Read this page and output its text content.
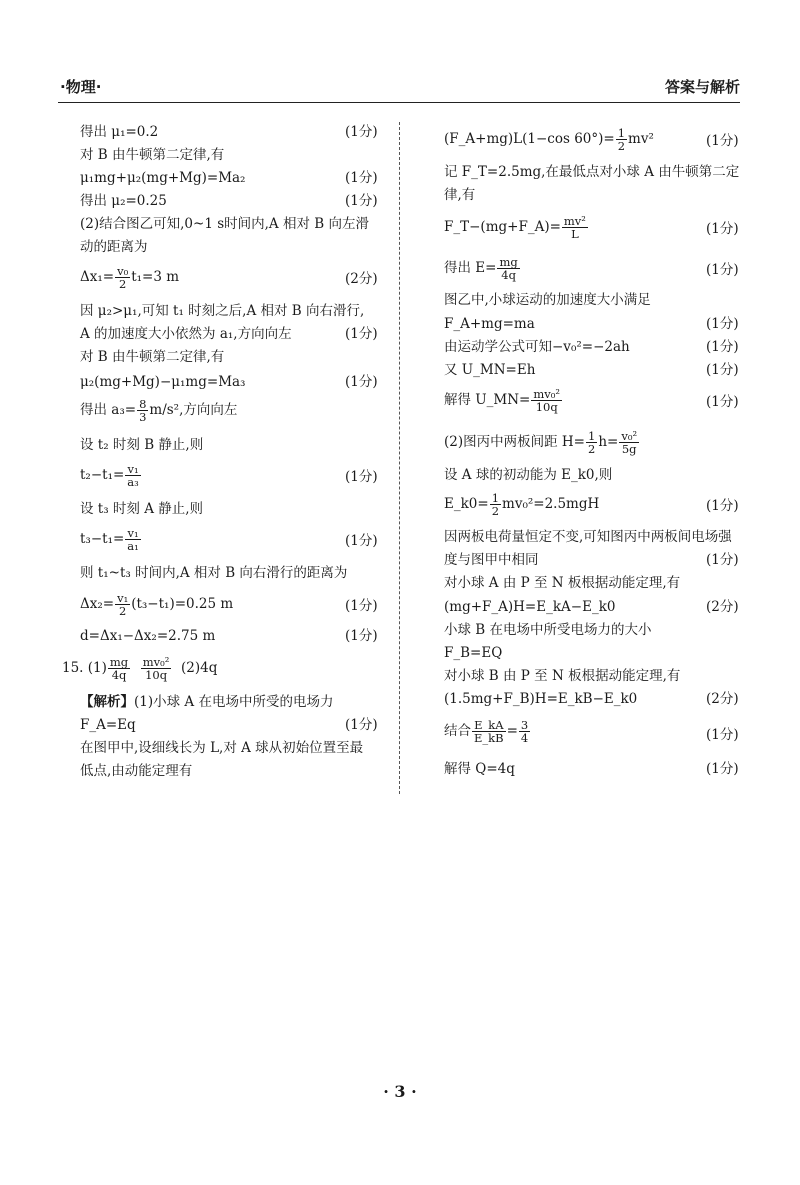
·物理·	答案与解析
得出 μ₁=0.2	(1分)
对 B 由牛顿第二定律,有
μ₁mg+μ₂(mg+Mg)=Ma₂	(1分)
得出 μ₂=0.25	(1分)
(2)结合图乙可知,0~1 s时间内,A 相对 B 向左滑
动的距离为
$\Delta x_1= \frac{\text{v₀}}{2} t_1=3$ m	(2分)
因 μ₂>μ₁,可知 t₁ 时刻之后,A 相对 B 向右滑行,
A 的加速度大小依然为 a₁,方向向左	(1分)
对 B 由牛顿第二定律,有
μ₂(mg+Mg)−μ₁mg=Ma₃	(1分)
得出 $a_3= \frac{8}{3} m/s^2$,方向向左
设 t₂ 时刻 B 静止,则
$t_2-t_1= \frac{\text{v₁}}{\text{a₃}}$	(1分)
设 t₃ 时刻 A 静止,则
$t_3-t_1= \frac{\text{v₁}}{\text{a₁}}$	(1分)
则 t₁~t₃ 时间内,A 相对 B 向右滑行的距离为
$\Delta x_2= \frac{\text{v₁}}{2} (t_3-t_1)=0.25$ m	(1分)
d=Δx₁−Δx₂=2.75 m	(1分)
15. $(1) \frac{mg}{4q}$
$\frac{\text{mv₀²}}{10q} (2)4q$
【解析】(1)小球 A 在电场中所受的电场力
F_A=Eq	(1分)
在图甲中,设细线长为 L,对 A 球从初始位置至最
低点,由动能定理有
(F_A+mg)L(1−cos $60^\circ)= \frac{1}{2} mv^2$	(1分)
记 F_T=2.5mg,在最低点对小球 A 由牛顿第二定
律,有
F_T−(mg+F_A)= $\frac{\text{mv²}}{L}$	(1分)
得出 $E= \frac{mg}{4q}$	(1分)
图乙中,小球运动的加速度大小满足
F_A+mg=ma	(1分)
由运动学公式可知−v₀²=−2ah	(1分)
又 U_MN=Eh	(1分)
解得 U_MN= $\frac{\text{mv₀²}}{10q}$	(1分)
(2)图丙中两板间距 $H= \frac{1}{2} h= \frac{\text{v₀²}}{5g}$
设 A 球的初动能为 E_k0,则
E_k0= $\frac{1}{2} mv_0^2=2.5mgH$	(1分)
因两板电荷量恒定不变,可知图丙中两板间电场强
度与图甲中相同	(1分)
对小球 A 由 P 至 N 板根据动能定理,有
(mg+F_A)H=E_kA−E_k0	(2分)
小球 B 在电场中所受电场力的大小
F_B=EQ
对小球 B 由 P 至 N 板根据动能定理,有
(1.5mg+F_B)H=E_kB−E_k0	(2分)
结合 $\frac{E\_kA}{E\_kB} = \frac{3}{4}$	(1分)
解得 Q=4q	(1分)
· 3 ·
